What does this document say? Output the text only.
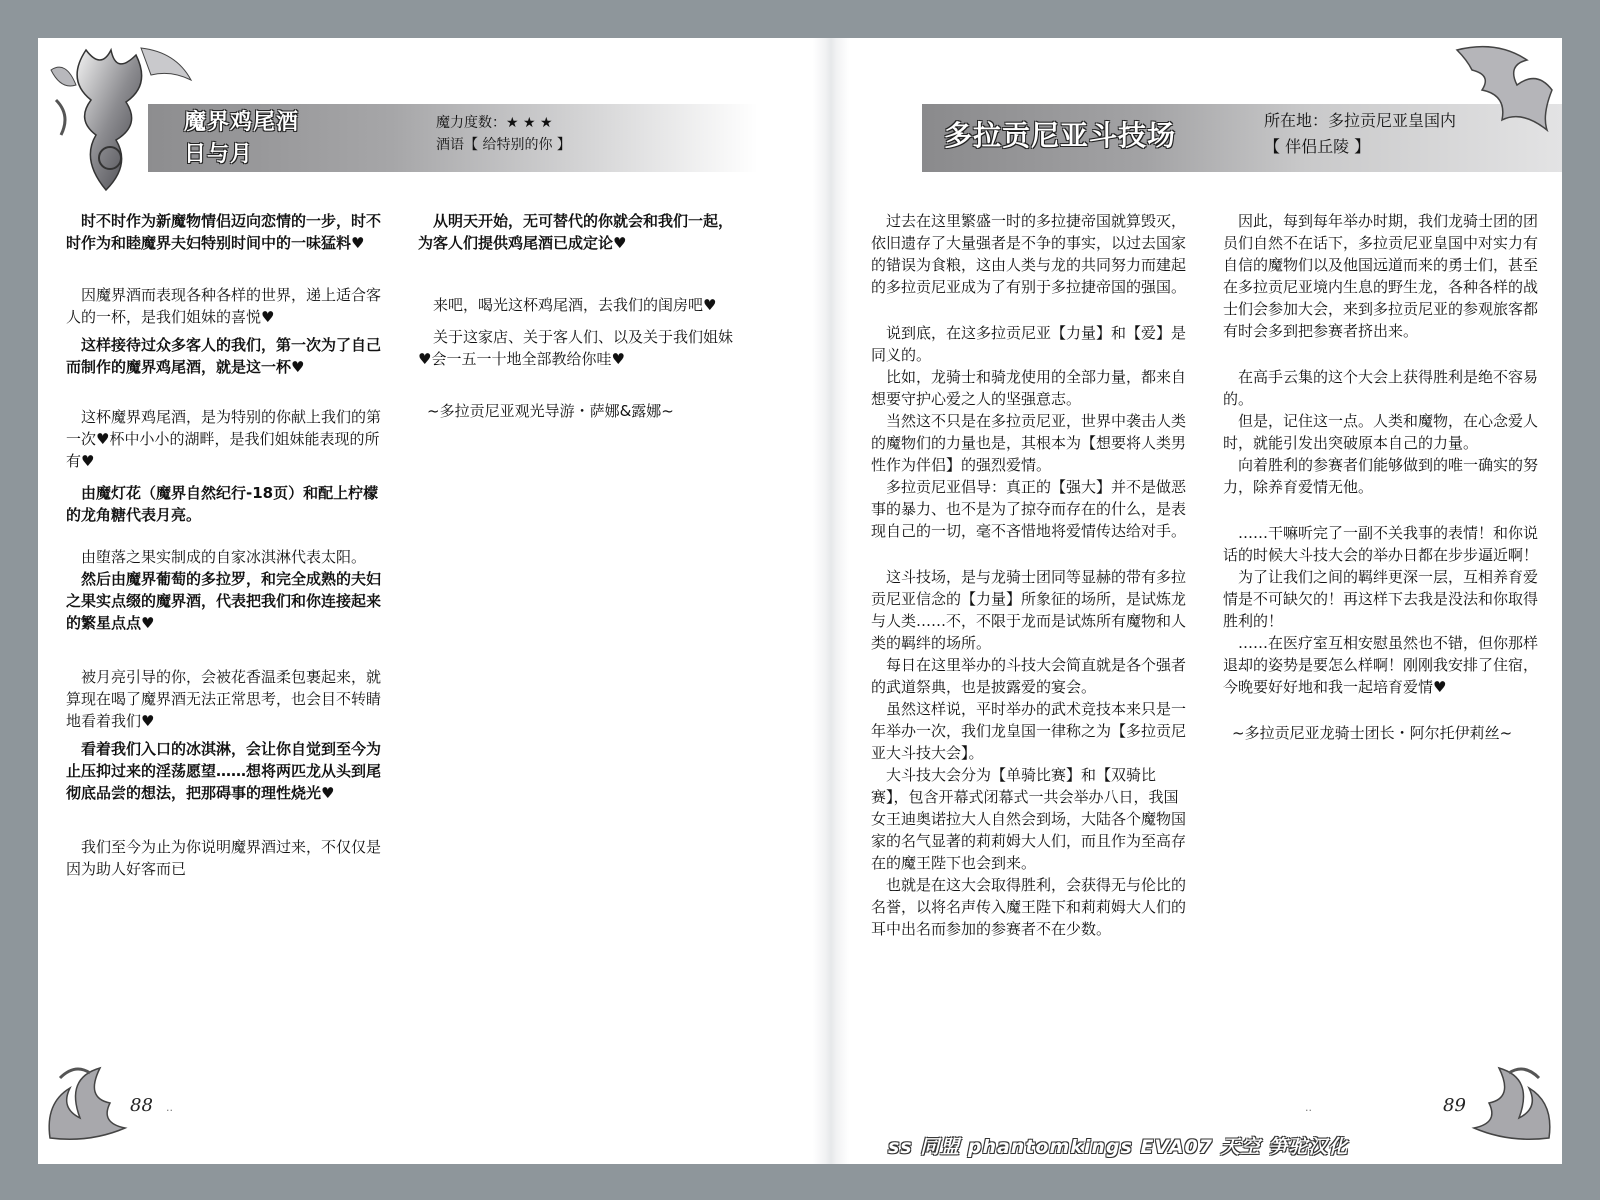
魔界鸡尾酒
日与月
魔力度数：★ ★ ★
酒语【 给特别的你 】

时不时作为新魔物情侣迈向恋情的一步，时不时作为和睦魔界夫妇特别时间中的一味猛料♥

因魔界酒而表现各种各样的世界，递上适合客人的一杯，是我们姐妹的喜悦♥

这样接待过众多客人的我们，第一次为了自己而制作的魔界鸡尾酒，就是这一杯♥

这杯魔界鸡尾酒，是为特别的你献上我们的第一次♥杯中小小的湖畔，是我们姐妹能表现的所有♥

由魔灯花（魔界自然纪行-18页）和配上柠檬的龙角糖代表月亮。

由堕落之果实制成的自家冰淇淋代表太阳。

然后由魔界葡萄的多拉罗，和完全成熟的夫妇之果实点缀的魔界酒，代表把我们和你连接起来的繁星点点♥

被月亮引导的你，会被花香温柔包裹起来，就算现在喝了魔界酒无法正常思考，也会目不转睛地看着我们♥

看着我们入口的冰淇淋，会让你自觉到至今为止压抑过来的淫荡愿望……想将两匹龙从头到尾彻底品尝的想法，把那碍事的理性烧光♥

我们至今为止为你说明魔界酒过来，不仅仅是因为助人好客而已

从明天开始，无可替代的你就会和我们一起，为客人们提供鸡尾酒已成定论♥

来吧，喝光这杯鸡尾酒，去我们的闺房吧♥

关于这家店、关于客人们、以及关于我们姐妹♥会一五一十地全部教给你哇♥

~多拉贡尼亚观光导游・萨娜&露娜~

88 ..
多拉贡尼亚斗技场	所在地：多拉贡尼亚皇国内
【 伴侣丘陵 】

过去在这里繁盛一时的多拉捷帝国就算毁灭，依旧遗存了大量强者是不争的事实，以过去国家的错误为食粮，这由人类与龙的共同努力而建起的多拉贡尼亚成为了有别于多拉捷帝国的强国。

说到底，在这多拉贡尼亚【力量】和【爱】是同义的。

比如，龙骑士和骑龙使用的全部力量，都来自想要守护心爱之人的坚强意志。

当然这不只是在多拉贡尼亚，世界中袭击人类的魔物们的力量也是，其根本为【想要将人类男性作为伴侣】的强烈爱情。

多拉贡尼亚倡导：真正的【强大】并不是做恶事的暴力、也不是为了掠夺而存在的什么，是表现自己的一切，毫不吝惜地将爱情传达给对手。

这斗技场，是与龙骑士团同等显赫的带有多拉贡尼亚信念的【力量】所象征的场所，是试炼龙与人类……不，不限于龙而是试炼所有魔物和人类的羁绊的场所。

每日在这里举办的斗技大会简直就是各个强者的武道祭典，也是披露爱的宴会。

虽然这样说，平时举办的武术竞技本来只是一年举办一次，我们龙皇国一律称之为【多拉贡尼亚大斗技大会】。

大斗技大会分为【单骑比赛】和【双骑比赛】，包含开幕式闭幕式一共会举办八日，我国女王迪奥诺拉大人自然会到场，大陆各个魔物国家的名气显著的莉莉姆大人们，而且作为至高存在的魔王陛下也会到来。

也就是在这大会取得胜利，会获得无与伦比的名誉，以将名声传入魔王陛下和莉莉姆大人们的耳中出名而参加的参赛者不在少数。

因此，每到每年举办时期，我们龙骑士团的团员们自然不在话下，多拉贡尼亚皇国中对实力有自信的魔物们以及他国远道而来的勇士们，甚至在多拉贡尼亚境内生息的野生龙，各种各样的战士们会参加大会，来到多拉贡尼亚的参观旅客都有时会多到把参赛者挤出来。

在高手云集的这个大会上获得胜利是绝不容易的。

但是，记住这一点。人类和魔物，在心念爱人时，就能引发出突破原本自己的力量。

向着胜利的参赛者们能够做到的唯一确实的努力，除养育爱情无他。

……干嘛听完了一副不关我事的表情！和你说话的时候大斗技大会的举办日都在步步逼近啊！

为了让我们之间的羁绊更深一层，互相养育爱情是不可缺欠的！再这样下去我是没法和你取得胜利的！

……在医疗室互相安慰虽然也不错，但你那样退却的姿势是要怎么样啊！刚刚我安排了住宿，今晚要好好地和我一起培育爱情♥

~多拉贡尼亚龙骑士团长・阿尔托伊莉丝~

..	89
ss 同盟 phantomkings EVA07 天空 笋驼汉化
